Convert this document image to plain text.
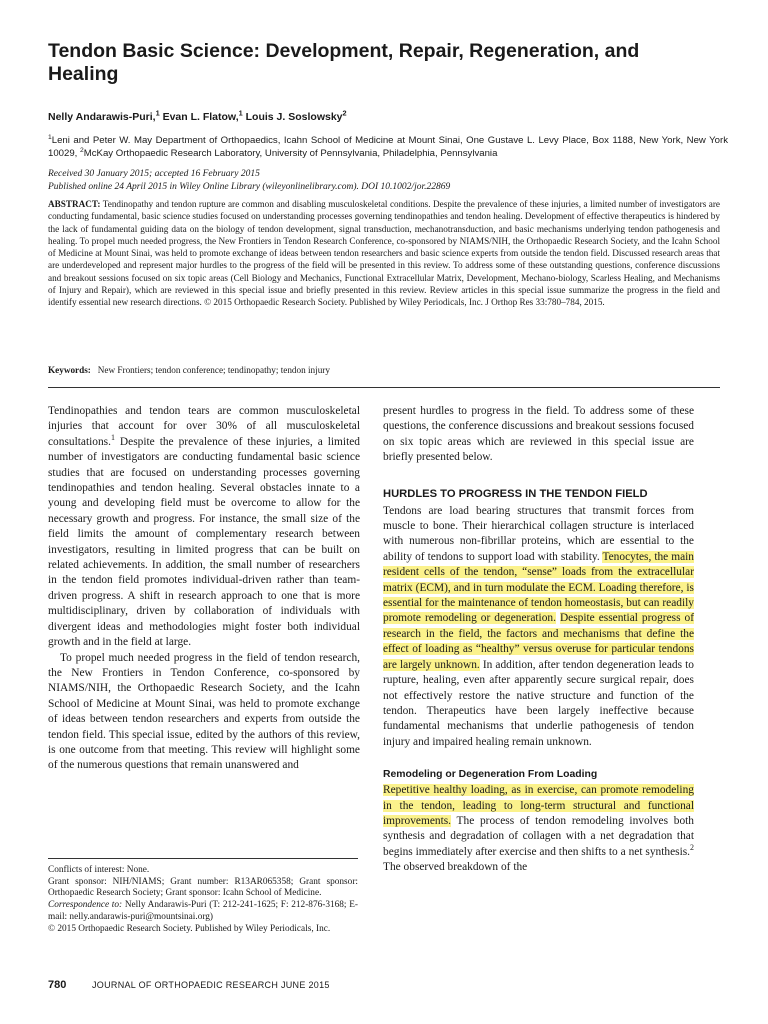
Tendon Basic Science: Development, Repair, Regeneration, and Healing
Nelly Andarawis-Puri,$^1$ Evan L. Flatow,$^1$ Louis J. Soslowsky$^2$
$^1$Leni and Peter W. May Department of Orthopaedics, Icahn School of Medicine at Mount Sinai, One Gustave L. Levy Place, Box 1188, New York, New York 10029, $^2$McKay Orthopaedic Research Laboratory, University of Pennsylvania, Philadelphia, Pennsylvania
Received 30 January 2015; accepted 16 February 2015
Published online 24 April 2015 in Wiley Online Library (wileyonlinelibrary.com). DOI 10.1002/jor.22869
ABSTRACT: Tendinopathy and tendon rupture are common and disabling musculoskeletal conditions. Despite the prevalence of these injuries, a limited number of investigators are conducting fundamental, basic science studies focused on understanding processes governing tendinopathies and tendon healing. Development of effective therapeutics is hindered by the lack of fundamental guiding data on the biology of tendon development, signal transduction, mechanotransduction, and basic mechanisms underlying tendon pathogenesis and healing. To propel much needed progress, the New Frontiers in Tendon Research Conference, co-sponsored by NIAMS/NIH, the Orthopaedic Research Society, and the Icahn School of Medicine at Mount Sinai, was held to promote exchange of ideas between tendon researchers and basic science experts from outside the tendon field. Discussed research areas that are underdeveloped and represent major hurdles to the progress of the field will be presented in this review. To address some of these outstanding questions, conference discussions and breakout sessions focused on six topic areas (Cell Biology and Mechanics, Functional Extracellular Matrix, Development, Mechano-biology, Scarless Healing, and Mechanisms of Injury and Repair), which are reviewed in this special issue and briefly presented in this review. Review articles in this special issue summarize the progress in the field and identify essential new research directions. © 2015 Orthopaedic Research Society. Published by Wiley Periodicals, Inc. J Orthop Res 33:780–784, 2015.
Keywords: New Frontiers; tendon conference; tendinopathy; tendon injury

Tendinopathies and tendon tears are common musculoskeletal injuries that account for over 30% of all musculoskeletal consultations.$^1$ Despite the prevalence of these injuries, a limited number of investigators are conducting fundamental basic science studies that are focused on understanding processes governing tendinopathies and tendon healing. Several obstacles innate to a young and developing field must be overcome to allow for the necessary growth and progress. For instance, the small size of the field limits the amount of complementary research between investigators, resulting in limited progress that can be built on related achievements. In addition, the small number of researchers in the tendon field promotes individual-driven rather than team-driven progress. A shift in research approach to one that is more multidisciplinary, driven by collaboration of individuals with divergent ideas and methodologies might foster both individual growth and in the field at large.

To propel much needed progress in the field of tendon research, the New Frontiers in Tendon Conference, co-sponsored by NIAMS/NIH, the Orthopaedic Research Society, and the Icahn School of Medicine at Mount Sinai, was held to promote exchange of ideas between tendon researchers and experts from outside the tendon field. This special issue, edited by the authors of this review, is one outcome from that meeting. This review will highlight some of the numerous questions that remain unanswered and

present hurdles to progress in the field. To address some of these questions, the conference discussions and breakout sessions focused on six topic areas which are reviewed in this special issue are briefly presented below.

HURDLES TO PROGRESS IN THE TENDON FIELD

Tendons are load bearing structures that transmit forces from muscle to bone. Their hierarchical collagen structure is interlaced with numerous non-fibrillar proteins, which are essential to the ability of tendons to support load with stability. Tenocytes, the main resident cells of the tendon, “sense” loads from the extracellular matrix (ECM), and in turn modulate the ECM. Loading therefore, is essential for the maintenance of tendon homeostasis, but can readily promote remodeling or degeneration. Despite essential progress of research in the field, the factors and mechanisms that define the effect of loading as “healthy” versus overuse for particular tendons are largely unknown. In addition, after tendon degeneration leads to rupture, healing, even after apparently secure surgical repair, does not effectively restore the native structure and function of the tendon. Therapeutics have been largely ineffective because fundamental mechanisms that underlie pathogenesis of tendon injury and impaired healing remain unknown.

Remodeling or Degeneration From Loading

Repetitive healthy loading, as in exercise, can promote remodeling in the tendon, leading to long-term structural and functional improvements. The process of tendon remodeling involves both synthesis and degradation of collagen with a net degradation that begins immediately after exercise and then shifts to a net synthesis.$^2$ The observed breakdown of the

Conflicts of interest: None.
Grant sponsor: NIH/NIAMS; Grant number: R13AR065358; Grant sponsor: Orthopaedic Research Society; Grant sponsor: Icahn School of Medicine.
Correspondence to: Nelly Andarawis-Puri (T: 212-241-1625; F: 212-876-3168; E-mail: nelly.andarawis-puri@mountsinai.org)
© 2015 Orthopaedic Research Society. Published by Wiley Periodicals, Inc.
780	JOURNAL OF ORTHOPAEDIC RESEARCH JUNE 2015
